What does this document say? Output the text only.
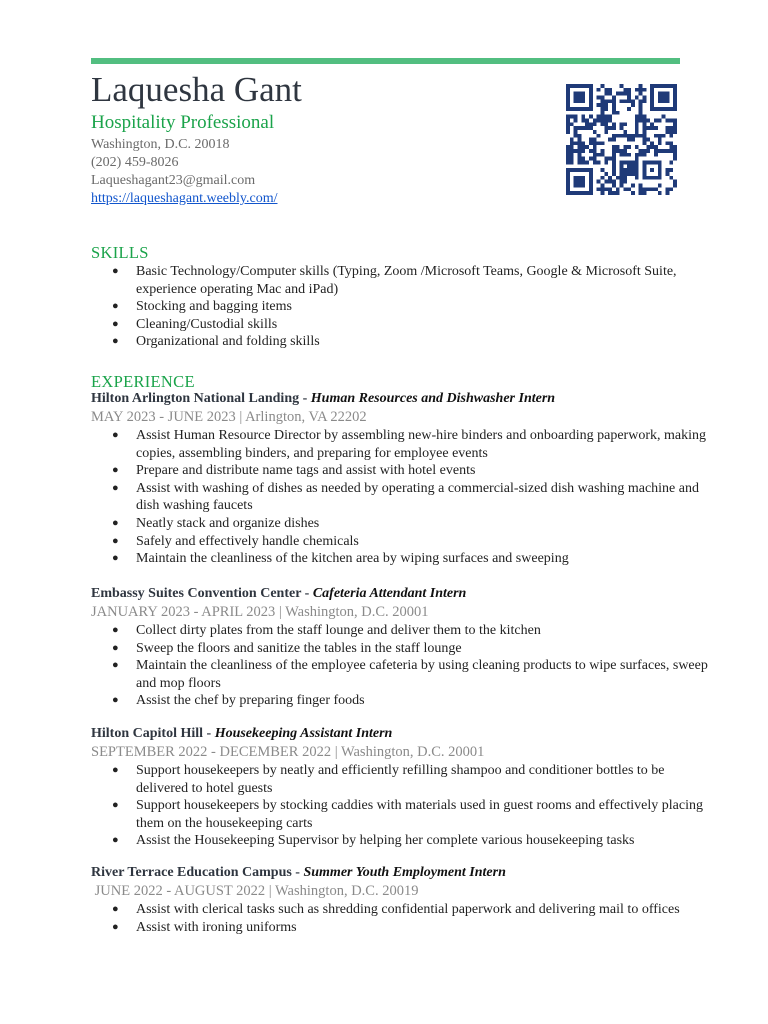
Laquesha Gant
Hospitality Professional
Washington, D.C. 20018
(202) 459-8026
Laqueshagant23@gmail.com
https://laqueshagant.weebly.com/
SKILLS
● Basic Technology/Computer skills (Typing, Zoom /Microsoft Teams, Google & Microsoft Suite, experience operating Mac and iPad)
● Stocking and bagging items
● Cleaning/Custodial skills
● Organizational and folding skills
EXPERIENCE
Hilton Arlington National Landing - Human Resources and Dishwasher Intern
MAY 2023 - JUNE 2023 | Arlington, VA 22202
● Assist Human Resource Director by assembling new-hire binders and onboarding paperwork, making copies, assembling binders, and preparing for employee events
● Prepare and distribute name tags and assist with hotel events
● Assist with washing of dishes as needed by operating a commercial-sized dish washing machine and dish washing faucets
● Neatly stack and organize dishes
● Safely and effectively handle chemicals
● Maintain the cleanliness of the kitchen area by wiping surfaces and sweeping
Embassy Suites Convention Center - Cafeteria Attendant Intern
JANUARY 2023 - APRIL 2023 | Washington, D.C. 20001
● Collect dirty plates from the staff lounge and deliver them to the kitchen
● Sweep the floors and sanitize the tables in the staff lounge
● Maintain the cleanliness of the employee cafeteria by using cleaning products to wipe surfaces, sweep and mop floors
● Assist the chef by preparing finger foods
Hilton Capitol Hill - Housekeeping Assistant Intern
SEPTEMBER 2022 - DECEMBER 2022 | Washington, D.C. 20001
● Support housekeepers by neatly and efficiently refilling shampoo and conditioner bottles to be delivered to hotel guests
● Support housekeepers by stocking caddies with materials used in guest rooms and effectively placing them on the housekeeping carts
● Assist the Housekeeping Supervisor by helping her complete various housekeeping tasks
River Terrace Education Campus - Summer Youth Employment Intern
JUNE 2022 - AUGUST 2022 | Washington, D.C. 20019
● Assist with clerical tasks such as shredding confidential paperwork and delivering mail to offices
● Assist with ironing uniforms
